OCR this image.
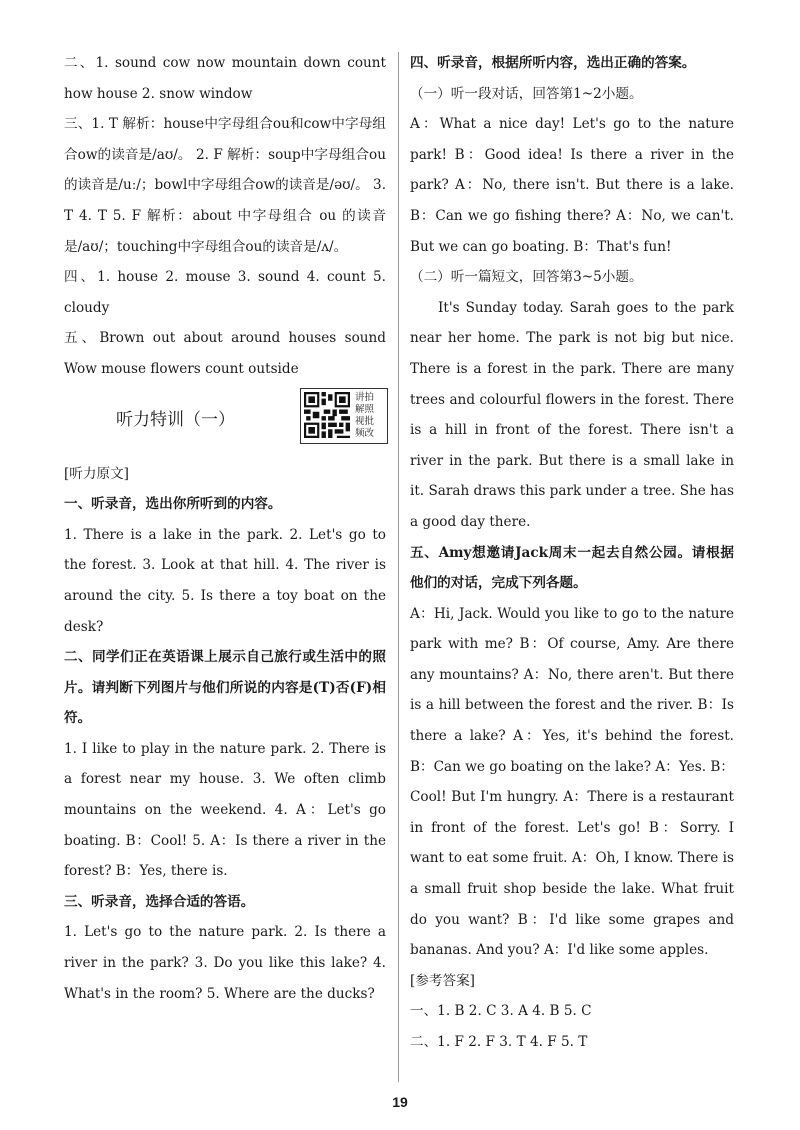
二、1. sound cow now mountain down count how house 2. snow window

三、1. T 解析：house中字母组合ou和cow中字母组合ow的读音是/aʊ/。 2. F 解析：soup中字母组合ou的读音是/uː/；bowl中字母组合ow的读音是/əʊ/。 3. T 4. T 5. F 解析：about 中字母组合 ou 的读音是/aʊ/；touching中字母组合ou的读音是/ʌ/。

四、1. house 2. mouse 3. sound 4. count 5. cloudy

五、Brown out about around houses sound Wow mouse flowers count outside

听力特训（一）
讲 拍
解 照
视 批
频 改

[听力原文]

一、听录音，选出你所听到的内容。

1. There is a lake in the park. 2. Let's go to the forest. 3. Look at that hill. 4. The river is around the city. 5. Is there a toy boat on the desk?

二、同学们正在英语课上展示自己旅行或生活中的照片。请判断下列图片与他们所说的内容是(T)否(F)相符。

1. I like to play in the nature park. 2. There is a forest near my house. 3. We often climb mountains on the weekend. 4. A：Let's go boating. B：Cool! 5. A：Is there a river in the forest? B：Yes, there is.

三、听录音，选择合适的答语。

1. Let's go to the nature park. 2. Is there a river in the park? 3. Do you like this lake? 4. What's in the room? 5. Where are the ducks?

四、听录音，根据所听内容，选出正确的答案。

（一）听一段对话，回答第1~2小题。

A：What a nice day! Let's go to the nature park! B：Good idea! Is there a river in the park? A：No, there isn't. But there is a lake. B：Can we go fishing there? A：No, we can't. But we can go boating. B：That's fun!

（二）听一篇短文，回答第3~5小题。

It's Sunday today. Sarah goes to the park near her home. The park is not big but nice. There is a forest in the park. There are many trees and colourful flowers in the forest. There is a hill in front of the forest. There isn't a river in the park. But there is a small lake in it. Sarah draws this park under a tree. She has a good day there.

五、Amy想邀请Jack周末一起去自然公园。请根据他们的对话，完成下列各题。

A：Hi, Jack. Would you like to go to the nature park with me? B：Of course, Amy. Are there any mountains? A：No, there aren't. But there is a hill between the forest and the river. B：Is there a lake? A：Yes, it's behind the forest. B：Can we go boating on the lake? A：Yes. B：Cool! But I'm hungry. A：There is a restaurant in front of the forest. Let's go! B：Sorry. I want to eat some fruit. A：Oh, I know. There is a small fruit shop beside the lake. What fruit do you want? B：I'd like some grapes and bananas. And you? A：I'd like some apples.

[参考答案]

一、1. B 2. C 3. A 4. B 5. C

二、1. F 2. F 3. T 4. F 5. T

19
